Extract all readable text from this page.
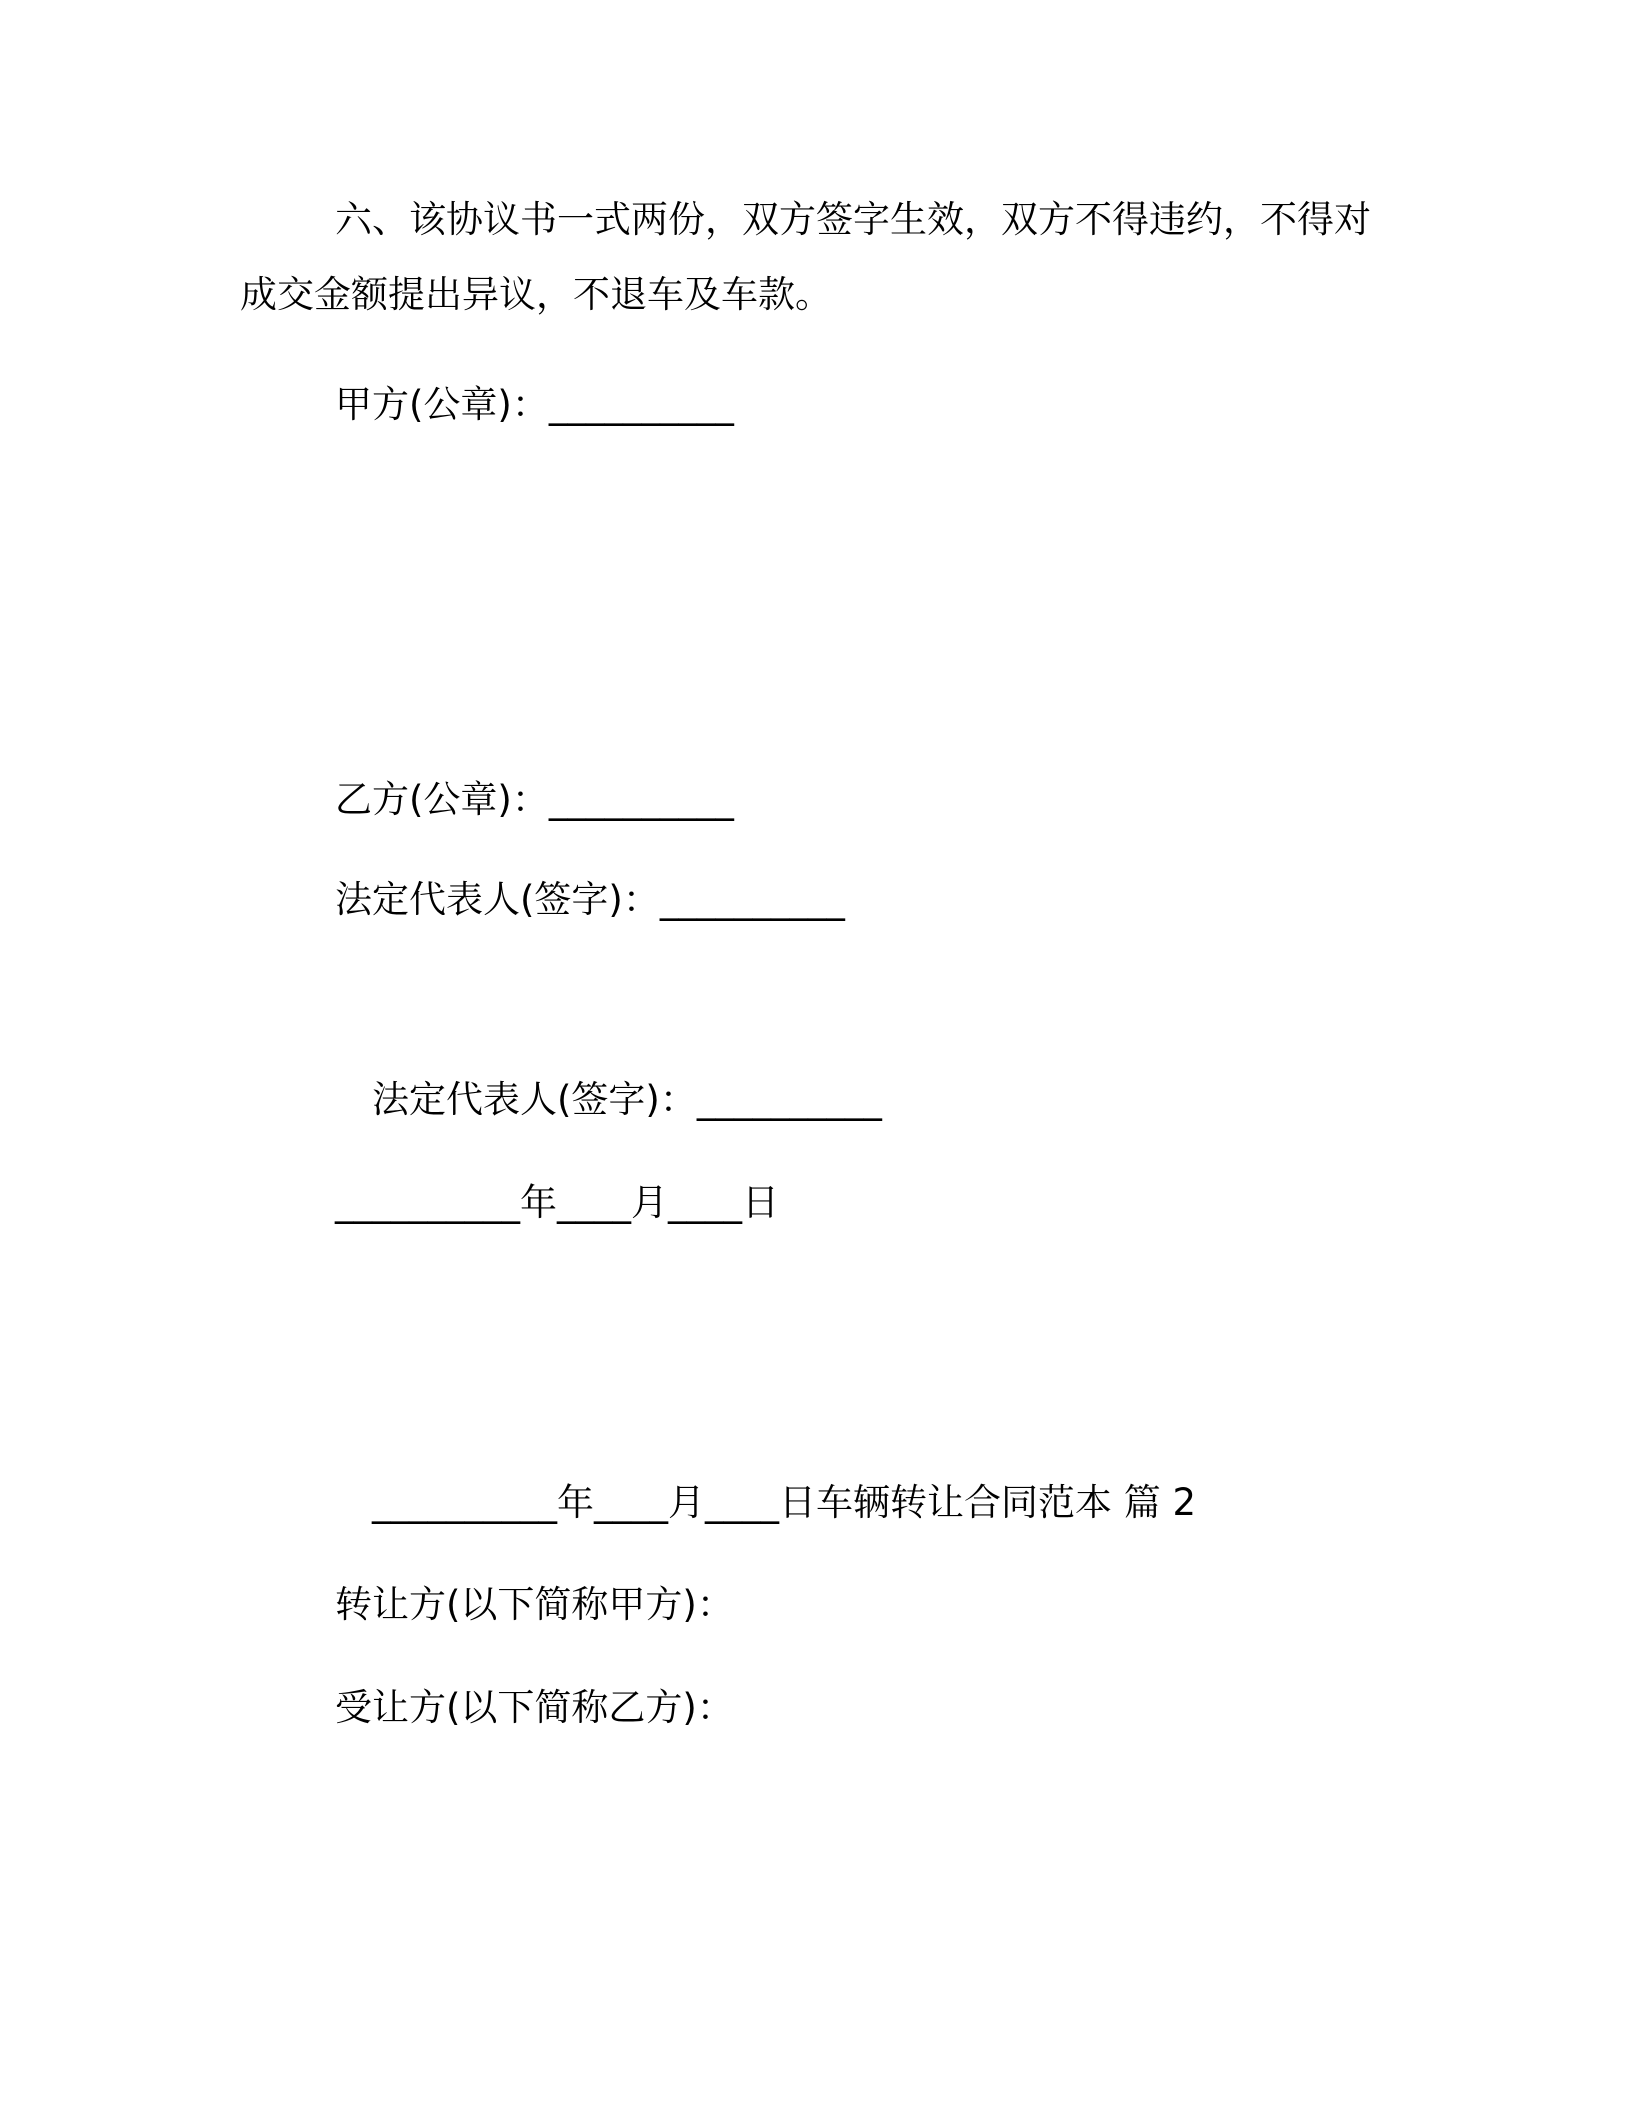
六、该协议书一式两份，双方签字生效，双方不得违约，不得对
成交金额提出异议，不退车及车款。
甲方(公章)：__________
乙方(公章)：__________
法定代表人(签字)：__________
法定代表人(签字)：__________
__________年____月____日
__________年____月____日车辆转让合同范本 篇 2
转让方(以下简称甲方)：
受让方(以下简称乙方)：
